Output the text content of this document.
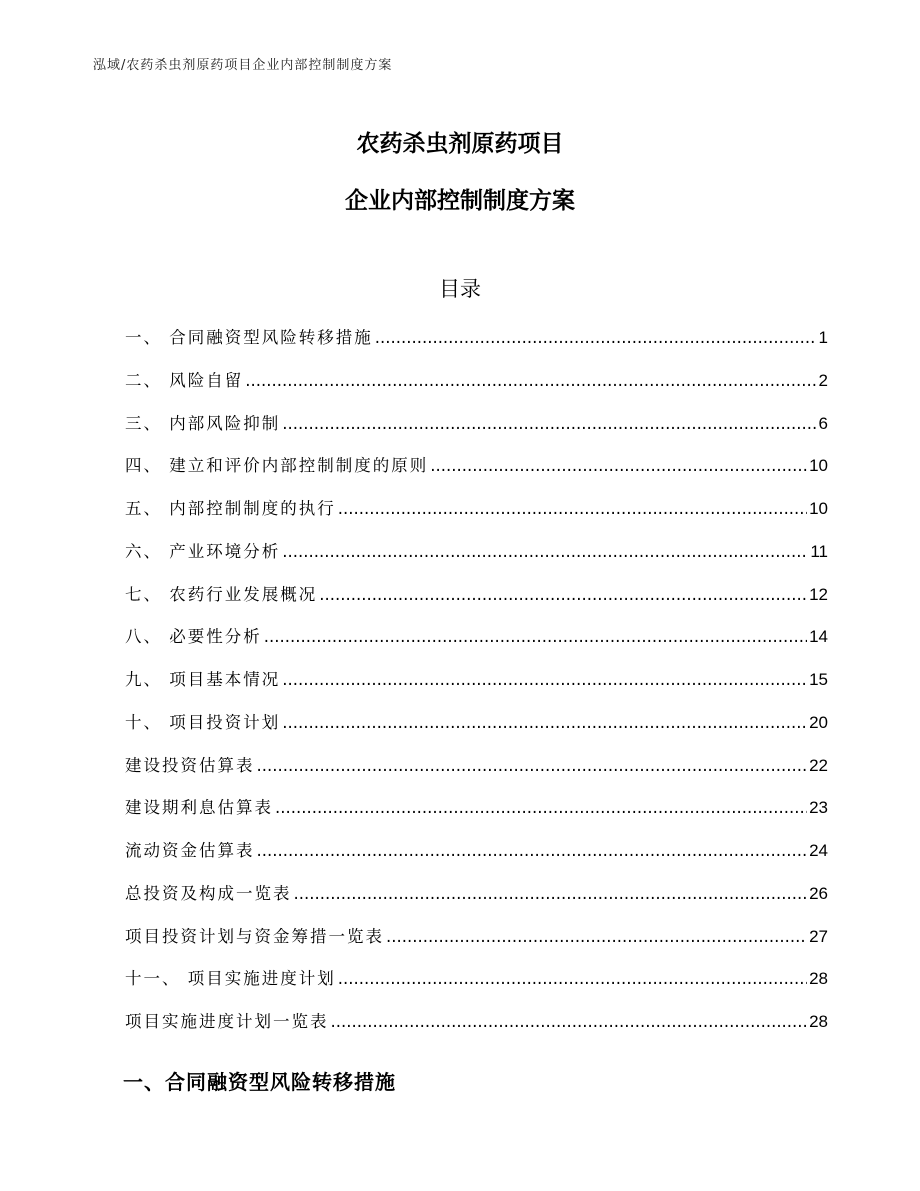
泓域/农药杀虫剂原药项目企业内部控制制度方案
农药杀虫剂原药项目
企业内部控制制度方案
目录
一、 合同融资型风险转移措施 .....	1
二、 风险自留 .....	2
三、 内部风险抑制 .....	6
四、 建立和评价内部控制制度的原则 .....	10
五、 内部控制制度的执行 .....	10
六、 产业环境分析 .....	11
七、 农药行业发展概况 .....	12
八、 必要性分析 .....	14
九、 项目基本情况 .....	15
十、 项目投资计划 .....	20
建设投资估算表 .....	22
建设期利息估算表 .....	23
流动资金估算表 .....	24
总投资及构成一览表 .....	26
项目投资计划与资金筹措一览表 .....	27
十一、 项目实施进度计划 .....	28
项目实施进度计划一览表 .....	28
一、合同融资型风险转移措施
